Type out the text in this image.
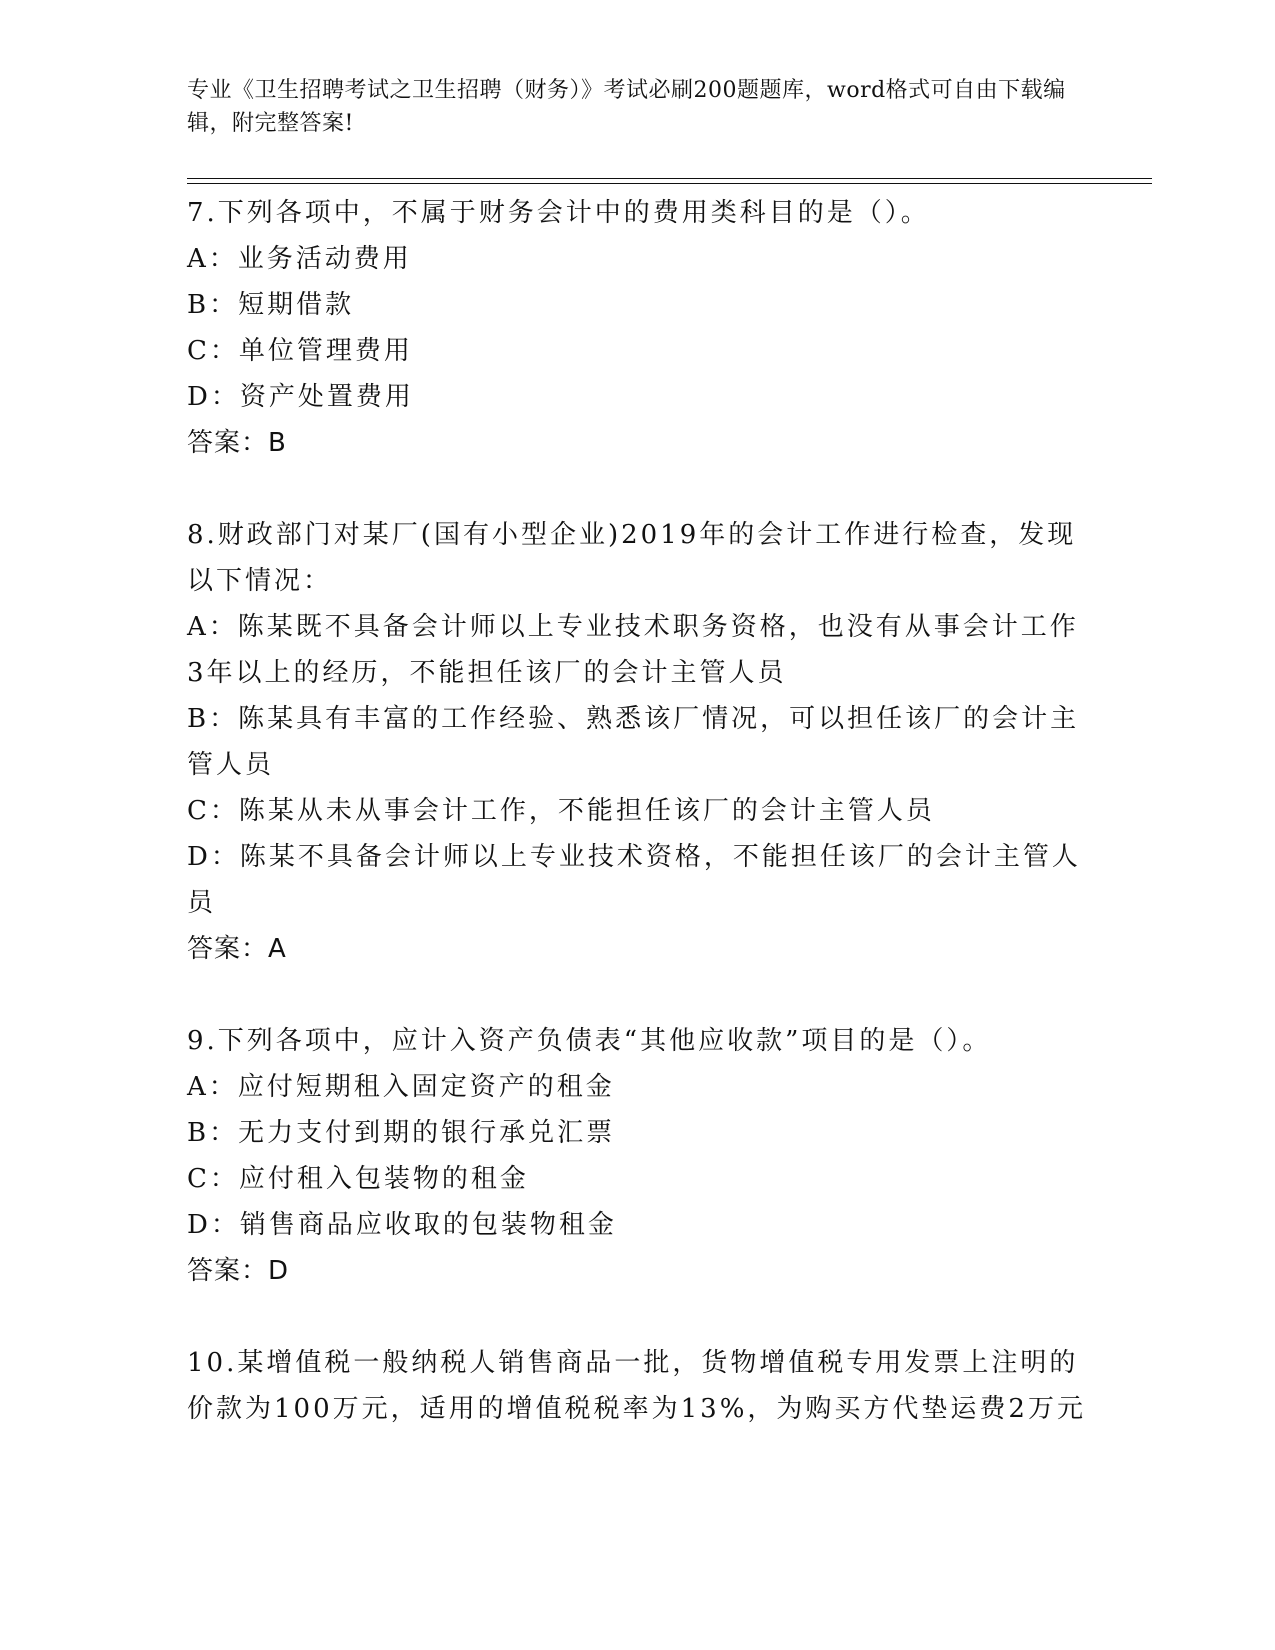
专业《卫生招聘考试之卫生招聘（财务）》考试必刷200题题库，word格式可自由下载编辑，附完整答案!
7.下列各项中，不属于财务会计中的费用类科目的是（）。
A：业务活动费用
B：短期借款
C：单位管理费用
D：资产处置费用
答案：B
8.财政部门对某厂(国有小型企业)2019年的会计工作进行检查，发现以下情况：
A：陈某既不具备会计师以上专业技术职务资格，也没有从事会计工作3年以上的经历，不能担任该厂的会计主管人员
B：陈某具有丰富的工作经验、熟悉该厂情况，可以担任该厂的会计主管人员
C：陈某从未从事会计工作，不能担任该厂的会计主管人员
D：陈某不具备会计师以上专业技术资格，不能担任该厂的会计主管人员
答案：A
9.下列各项中，应计入资产负债表“其他应收款”项目的是（）。
A：应付短期租入固定资产的租金
B：无力支付到期的银行承兑汇票
C：应付租入包装物的租金
D：销售商品应收取的包装物租金
答案：D
10.某增值税一般纳税人销售商品一批，货物增值税专用发票上注明的价款为100万元，适用的增值税税率为13%，为购买方代垫运费2万元
